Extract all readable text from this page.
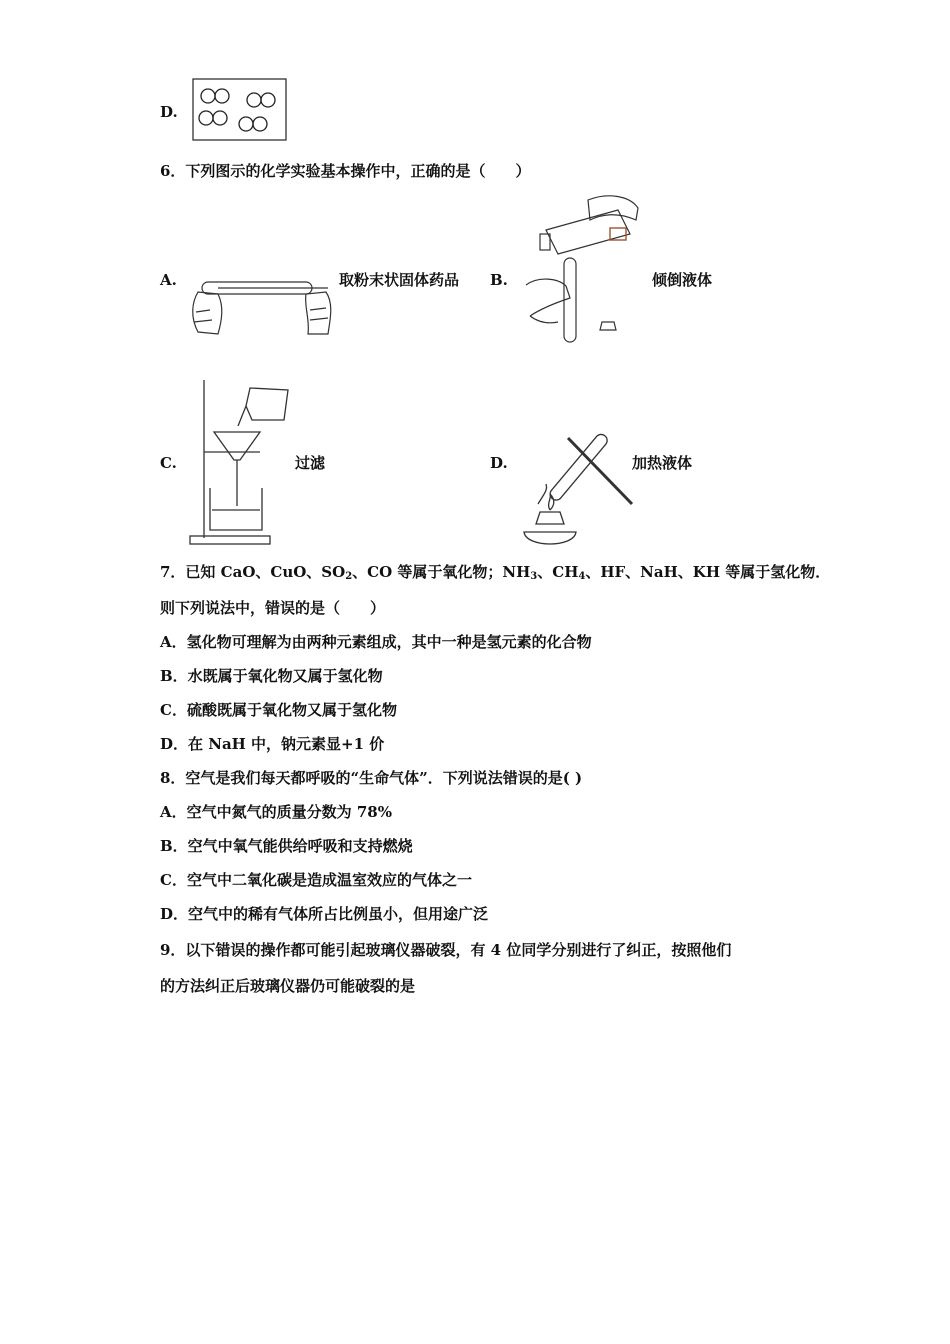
D.
6．下列图示的化学实验基本操作中，正确的是（　　）
A.	取粉末状固体药品 B.	倾倒液体
C.	过滤	D.	加热液体
7．已知 CaO、CuO、$SO_2$、CO 等属于氧化物；$NH_3$、$CH_4$、HF、NaH、KH 等属于氢化物．
则下列说法中，错误的是（　　）
A．氢化物可理解为由两种元素组成，其中一种是氢元素的化合物
B．水既属于氧化物又属于氢化物
C．硫酸既属于氧化物又属于氢化物
D．在 NaH 中，钠元素显+1 价
8．空气是我们每天都呼吸的“生命气体”．下列说法错误的是( )
A．空气中氮气的质量分数为 78%
B．空气中氧气能供给呼吸和支持燃烧
C．空气中二氧化碳是造成温室效应的气体之一
D．空气中的稀有气体所占比例虽小，但用途广泛
9．以下错误的操作都可能引起玻璃仪器破裂，有 4 位同学分别进行了纠正，按照他们
的方法纠正后玻璃仪器仍可能破裂的是
